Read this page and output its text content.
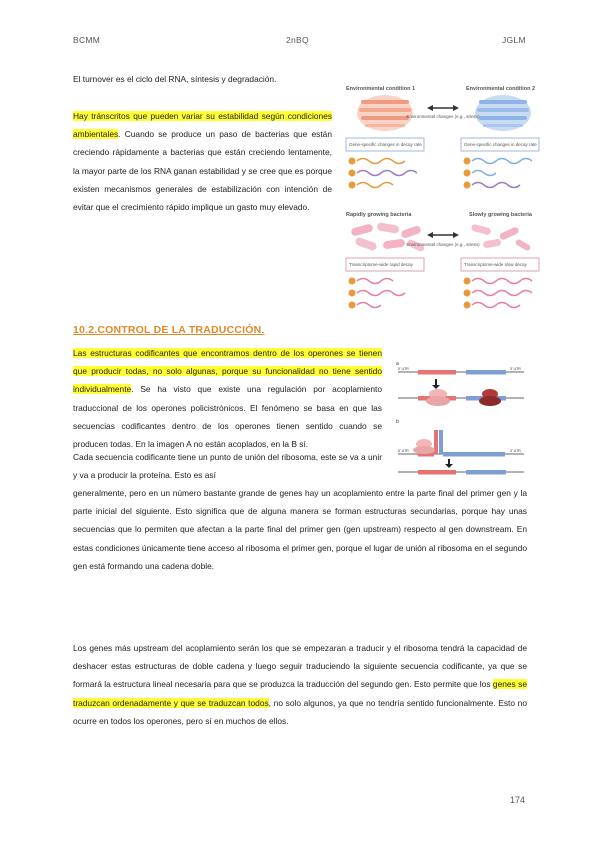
BCMM	2nBQ	JGLM

El turnover es el ciclo del RNA, síntesis y degradación.

Hay tránscritos que pueden variar su estabilidad según condiciones ambientales. Cuando se produce un paso de bacterias que están creciendo rápidamente a bacterias que están creciendo lentamente, la mayor parte de los RNA ganan estabilidad y se cree que es porque existen mecanismos generales de estabilización con intención de evitar que el crecimiento rápido implique un gasto muy elevado.

Environmental condition 1	Environmental condition 2
Environmental changes (e.g., stress)
Gene-specific changes in decay rate	Gene-specific changes in decay rate
Rapidly growing bacteria	Slowly growing bacteria
Environmental changes (e.g., stress)
Transcriptome-wide rapid decay	Transcriptome-wide slow decay
10.2.CONTROL DE LA TRADUCCIÓN.

Las estructuras codificantes que encontramos dentro de los operones se tienen que producir todas, no solo algunas, porque su funcionalidad no tiene sentido individualmente. Se ha visto que existe una regulación por acoplamiento traduccional de los operones policistrónicos. El fenómeno se basa en que las secuencias codificantes dentro de los operones tienen sentido cuando se producen todas. En la imagen A no están acoplados, en la B sí.

Cada secuencia codificante tiene un punto de unión del ribosoma, este se va a unir y va a producir la proteína. Esto es así

generalmente, pero en un número bastante grande de genes hay un acoplamiento entre la parte final del primer gen y la parte inicial del siguiente. Esto significa que de alguna manera se forman estructuras secundarias, porque hay unas secuencias que lo permiten que afectan a la parte final del primer gen (gen upstream) respecto al gen downstream. En estas condiciones únicamente tiene acceso al ribosoma el primer gen, porque el lugar de unión al ribosoma en el segundo gen está formando una cadena doble.

a
5' UTR	3' UTR
b
5' UTR	3' UTR

Los genes más upstream del acoplamiento serán los que se empezaran a traducir y el ribosoma tendrá la capacidad de deshacer estas estructuras de doble cadena y luego seguir traduciendo la siguiente secuencia codificante, ya que se formará la estructura lineal necesaria para que se produzca la traducción del segundo gen. Esto permite que los genes se traduzcan ordenadamente y que se traduzcan todos, no solo algunos, ya que no tendría sentido funcionalmente. Esto no ocurre en todos los operones, pero sí en muchos de ellos.

174
